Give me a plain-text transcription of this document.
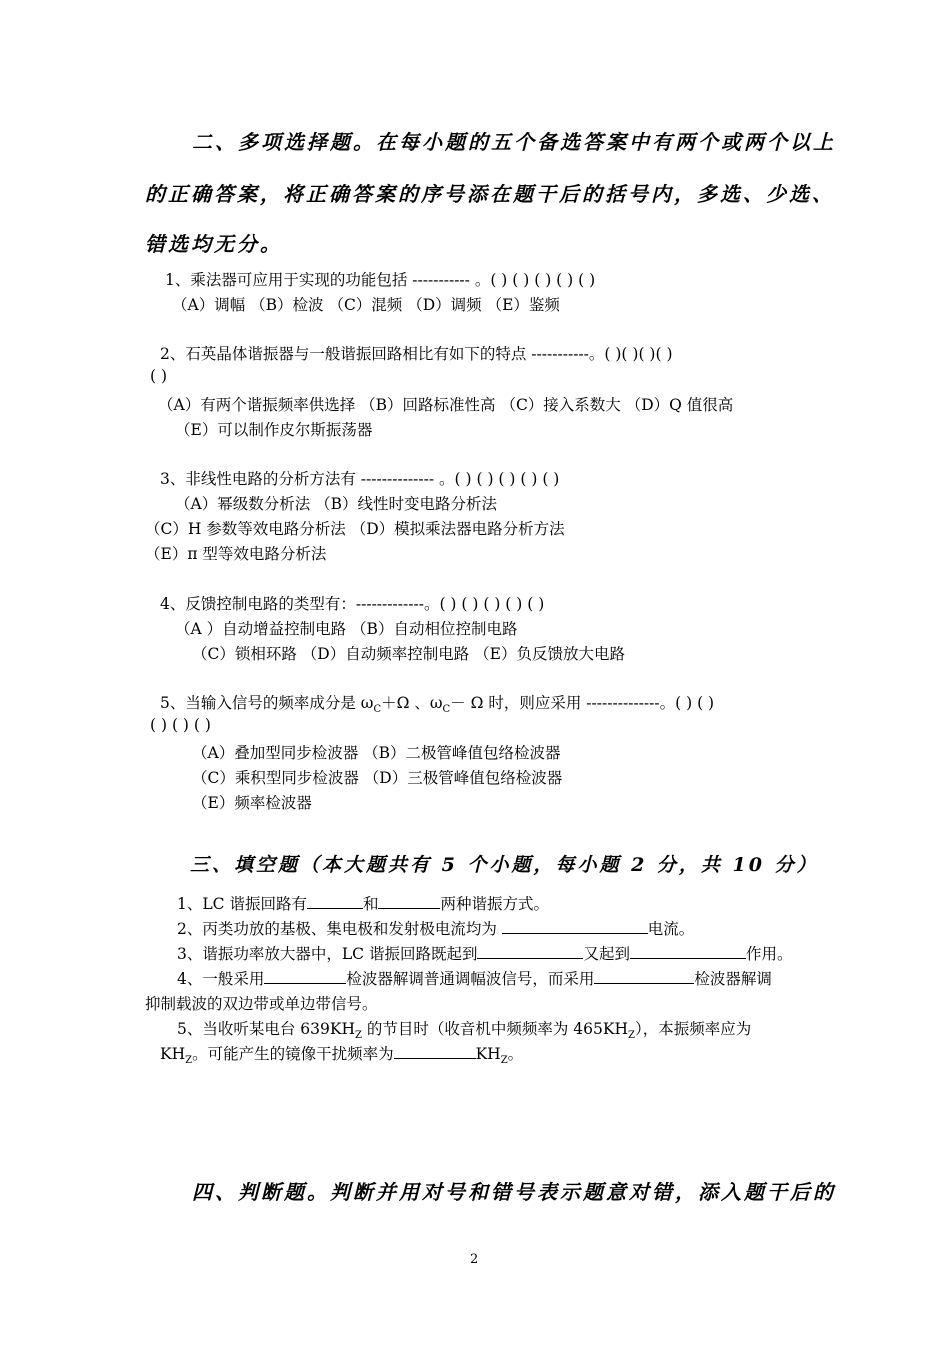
二、多项选择题。在每小题的五个备选答案中有两个或两个以上
的正确答案，将正确答案的序号添在题干后的括号内，多选、少选、
错选均无分。
1、乘法器可应用于实现的功能包括 ----------- 。( ) ( ) ( ) ( ) ( )
（A）调幅 （B）检波 （C）混频 （D）调频 （E）鉴频
2、石英晶体谐振器与一般谐振回路相比有如下的特点 -----------。( )( )( )( )
( )
（A）有两个谐振频率供选择 （B）回路标准性高 （C）接入系数大 （D）Q 值很高
（E）可以制作皮尔斯振荡器
3、非线性电路的分析方法有 -------------- 。( ) ( ) ( ) ( ) ( )
（A）幂级数分析法 （B）线性时变电路分析法
（C）H 参数等效电路分析法 （D）模拟乘法器电路分析方法
（E）π 型等效电路分析法
4、反馈控制电路的类型有：-------------。( ) ( ) ( ) ( ) ( )
（A ）自动增益控制电路 （B）自动相位控制电路
（C）锁相环路 （D）自动频率控制电路 （E）负反馈放大电路
5、当输入信号的频率成分是 $\omega_C+\Omega$ 、$\omega_C- \Omega$ 时，则应采用 --------------。( ) ( )
( ) ( ) ( )
（A）叠加型同步检波器 （B）二极管峰值包络检波器
（C）乘积型同步检波器 （D）三极管峰值包络检波器
（E）频率检波器
三、填空题（本大题共有 5 个小题，每小题 2 分，共 10 分）
1、LC 谐振回路有	和	两种谐振方式。
2、丙类功放的基极、集电极和发射极电流均为	电流。
3、谐振功率放大器中，LC 谐振回路既起到	又起到	作用。
4、一般采用	检波器解调普通调幅波信号，而采用	检波器解调
抑制载波的双边带或单边带信号。
5、当收听某电台 $639KH_Z$ 的节目时（收音机中频频率为 $465KH_Z$），本振频率应为
$KH_Z$。可能产生的镜像干扰频率为	$KH_Z$。
四、判断题。判断并用对号和错号表示题意对错，添入题干后的
2
